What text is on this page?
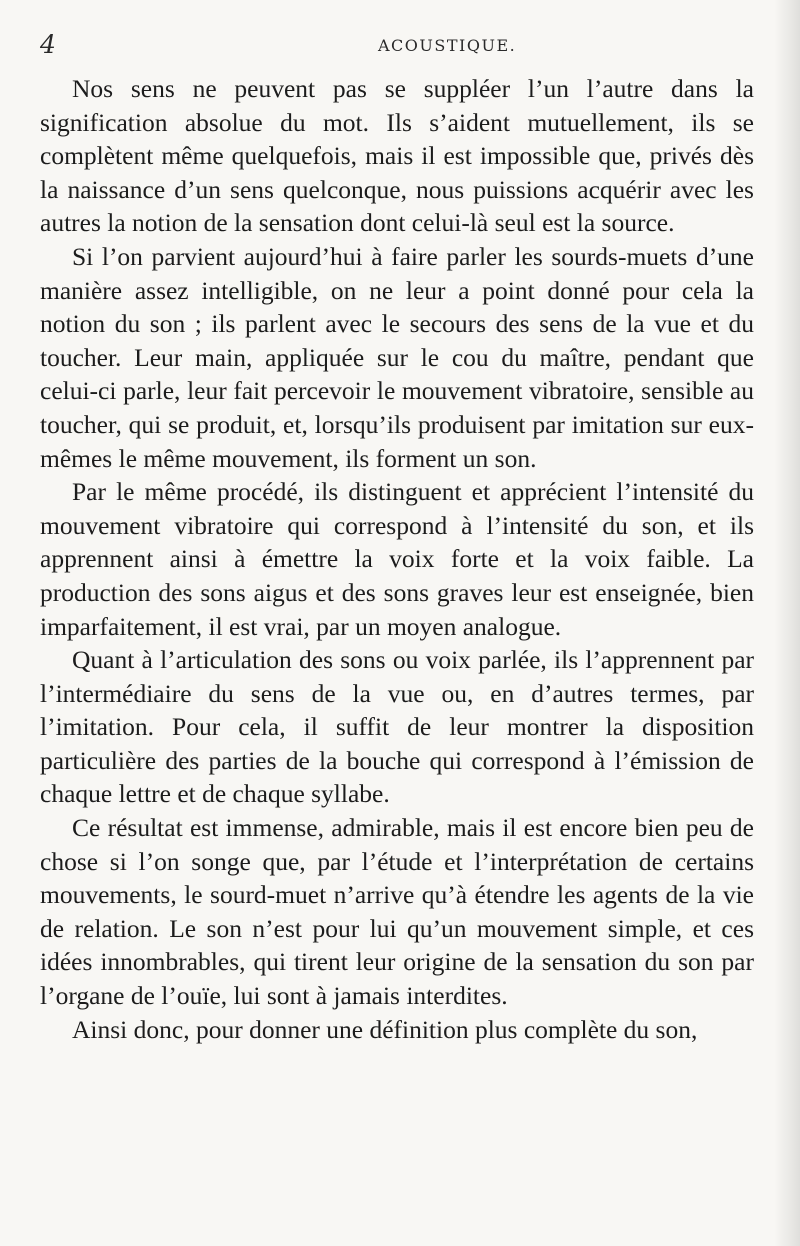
4	ACOUSTIQUE.

Nos sens ne peuvent pas se suppléer l’un l’autre dans la signification absolue du mot. Ils s’aident mutuellement, ils se complètent même quelquefois, mais il est impossible que, privés dès la naissance d’un sens quelconque, nous puissions acquérir avec les autres la notion de la sensation dont celui-là seul est la source.

Si l’on parvient aujourd’hui à faire parler les sourds-muets d’une manière assez intelligible, on ne leur a point donné pour cela la notion du son ; ils parlent avec le secours des sens de la vue et du toucher. Leur main, appliquée sur le cou du maître, pendant que celui-ci parle, leur fait percevoir le mouvement vibratoire, sensible au toucher, qui se produit, et, lorsqu’ils produisent par imitation sur eux-mêmes le même mouvement, ils forment un son.

Par le même procédé, ils distinguent et apprécient l’intensité du mouvement vibratoire qui correspond à l’intensité du son, et ils apprennent ainsi à émettre la voix forte et la voix faible. La production des sons aigus et des sons graves leur est enseignée, bien imparfaitement, il est vrai, par un moyen analogue.

Quant à l’articulation des sons ou voix parlée, ils l’apprennent par l’intermédiaire du sens de la vue ou, en d’autres termes, par l’imitation. Pour cela, il suffit de leur montrer la disposition particulière des parties de la bouche qui correspond à l’émission de chaque lettre et de chaque syllabe.

Ce résultat est immense, admirable, mais il est encore bien peu de chose si l’on songe que, par l’étude et l’interprétation de certains mouvements, le sourd-muet n’arrive qu’à étendre les agents de la vie de relation. Le son n’est pour lui qu’un mouvement simple, et ces idées innombrables, qui tirent leur origine de la sensation du son par l’organe de l’ouïe, lui sont à jamais interdites.

Ainsi donc, pour donner une définition plus complète du son,
